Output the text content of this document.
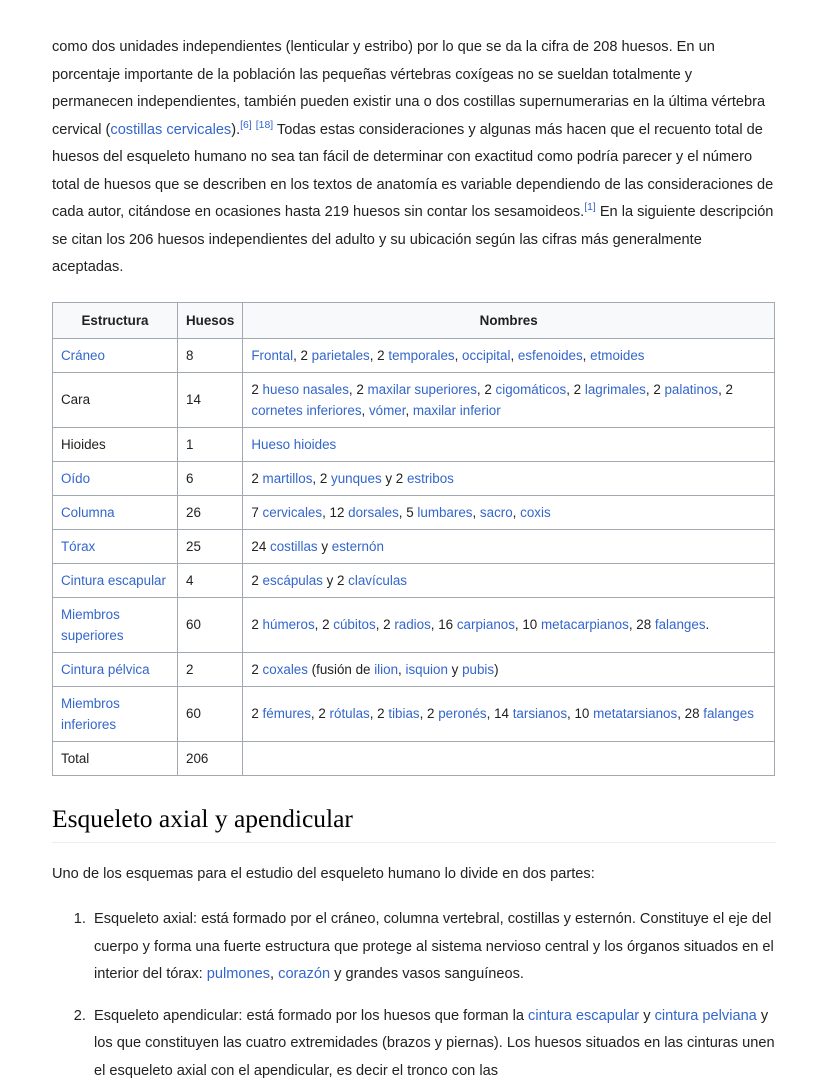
como dos unidades independientes (lenticular y estribo) por lo que se da la cifra de 208 huesos. En un porcentaje importante de la población las pequeñas vértebras coxígeas no se sueldan totalmente y permanecen independientes, también pueden existir una o dos costillas supernumerarias en la última vértebra cervical (costillas cervicales).[6] [18] Todas estas consideraciones y algunas más hacen que el recuento total de huesos del esqueleto humano no sea tan fácil de determinar con exactitud como podría parecer y el número total de huesos que se describen en los textos de anatomía es variable dependiendo de las consideraciones de cada autor, citándose en ocasiones hasta 219 huesos sin contar los sesamoideos.[1] En la siguiente descripción se citan los 206 huesos independientes del adulto y su ubicación según las cifras más generalmente aceptadas.

Estructura	Huesos	Nombres
Cráneo	8	Frontal, 2 parietales, 2 temporales, occipital, esfenoides, etmoides
Cara	14	2 hueso nasales, 2 maxilar superiores, 2 cigomáticos, 2 lagrimales, 2 palatinos, 2 cornetes inferiores, vómer, maxilar inferior
Hioides	1	Hueso hioides
Oído	6	2 martillos, 2 yunques y 2 estribos
Columna	26	7 cervicales, 12 dorsales, 5 lumbares, sacro, coxis
Tórax	25	24 costillas y esternón
Cintura escapular	4	2 escápulas y 2 clavículas
Miembros superiores	60	2 húmeros, 2 cúbitos, 2 radios, 16 carpianos, 10 metacarpianos, 28 falanges.
Cintura pélvica	2	2 coxales (fusión de ilion, isquion y pubis)
Miembros inferiores	60	2 fémures, 2 rótulas, 2 tibias, 2 peronés, 14 tarsianos, 10 metatarsianos, 28 falanges
Total	206	
Esqueleto axial y apendicular

Uno de los esquemas para el estudio del esqueleto humano lo divide en dos partes:

1. Esqueleto axial: está formado por el cráneo, columna vertebral, costillas y esternón. Constituye el eje del cuerpo y forma una fuerte estructura que protege al sistema nervioso central y los órganos situados en el interior del tórax: pulmones, corazón y grandes vasos sanguíneos.
2. Esqueleto apendicular: está formado por los huesos que forman la cintura escapular y cintura pelviana y los que constituyen las cuatro extremidades (brazos y piernas). Los huesos situados en las cinturas unen el esqueleto axial con el apendicular, es decir el tronco con las
